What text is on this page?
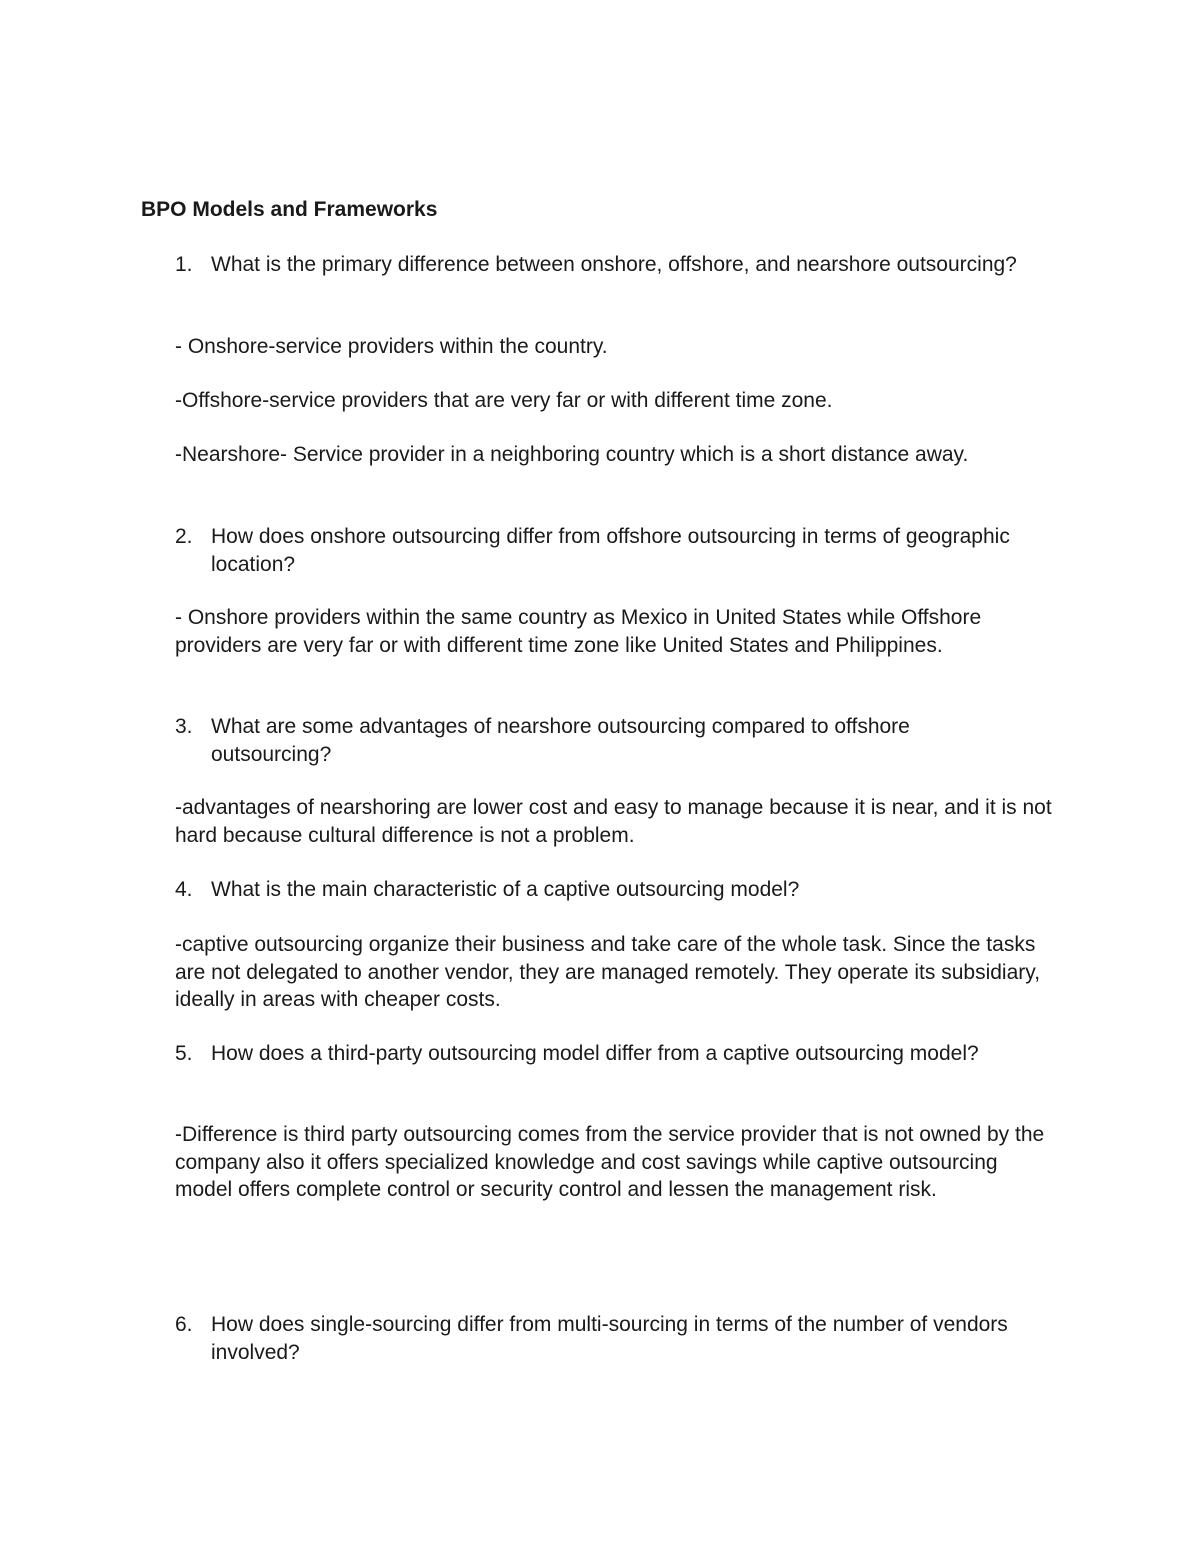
BPO Models and Frameworks
1. What is the primary difference between onshore, offshore, and nearshore outsourcing?
- Onshore-service providers within the country.
-Offshore-service providers that are very far or with different time zone.
-Nearshore- Service provider in a neighboring country which is a short distance away.
2. How does onshore outsourcing differ from offshore outsourcing in terms of geographic location?
- Onshore providers within the same country as Mexico in United States while Offshore providers are very far or with different time zone like United States and Philippines.
3. What are some advantages of nearshore outsourcing compared to offshore outsourcing?
-advantages of nearshoring are lower cost and easy to manage because it is near, and it is not hard because cultural difference is not a problem.
4. What is the main characteristic of a captive outsourcing model?
-captive outsourcing organize their business and take care of the whole task. Since the tasks are not delegated to another vendor, they are managed remotely. They operate its subsidiary, ideally in areas with cheaper costs.
5. How does a third-party outsourcing model differ from a captive outsourcing model?
-Difference is third party outsourcing comes from the service provider that is not owned by the company also it offers specialized knowledge and cost savings while captive outsourcing model offers complete control or security control and lessen the management risk.
6. How does single-sourcing differ from multi-sourcing in terms of the number of vendors involved?
